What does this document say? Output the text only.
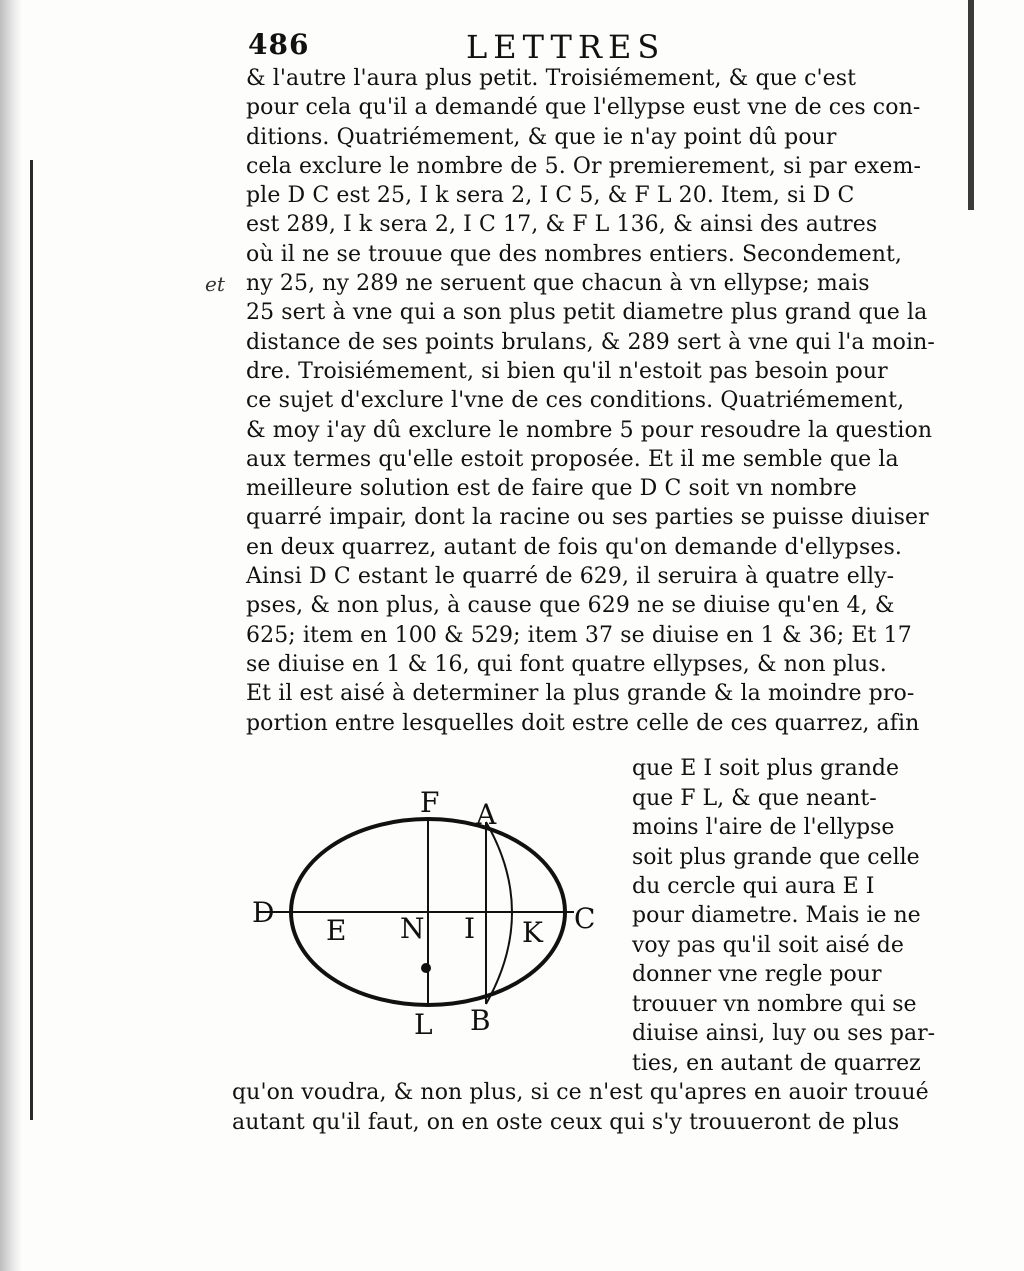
486	LETTRES
et
& l'autre l'aura plus petit. Troisiémement, & que c'est
pour cela qu'il a demandé que l'ellypse eust vne de ces con-
ditions. Quatriémement, & que ie n'ay point dû pour
cela exclure le nombre de 5. Or premierement, si par exem-
ple D C est 25, I k sera 2, I C 5, & F L 20. Item, si D C
est 289, I k sera 2, I C 17, & F L 136, & ainsi des autres
où il ne se trouue que des nombres entiers. Secondement,
ny 25, ny 289 ne seruent que chacun à vn ellypse; mais
25 sert à vne qui a son plus petit diametre plus grand que la
distance de ses points brulans, & 289 sert à vne qui l'a moin-
dre. Troisiémement, si bien qu'il n'estoit pas besoin pour
ce sujet d'exclure l'vne de ces conditions. Quatriémement,
& moy i'ay dû exclure le nombre 5 pour resoudre la question
aux termes qu'elle estoit proposée. Et il me semble que la
meilleure solution est de faire que D C soit vn nombre
quarré impair, dont la racine ou ses parties se puisse diuiser
en deux quarrez, autant de fois qu'on demande d'ellypses.
Ainsi D C estant le quarré de 629, il seruira à quatre elly-
pses, & non plus, à cause que 629 ne se diuise qu'en 4, &
625; item en 100 & 529; item 37 se diuise en 1 & 36; Et 17
se diuise en 1 & 16, qui font quatre ellypses, & non plus.
Et il est aisé à determiner la plus grande & la moindre pro-
portion entre lesquelles doit estre celle de ces quarrez, afin
que E I soit plus grande
que F L, & que neant-
moins l'aire de l'ellypse
soit plus grande que celle
du cercle qui aura E I
pour diametre. Mais ie ne
voy pas qu'il soit aisé de
donner vne regle pour
trouuer vn nombre qui se
diuise ainsi, luy ou ses par-
ties, en autant de quarrez
qu'on voudra, & non plus, si ce n'est qu'apres en auoir trouué
autant qu'il faut, on en oste ceux qui s'y trouueront de plus
F A
D
E N I K C
L B
